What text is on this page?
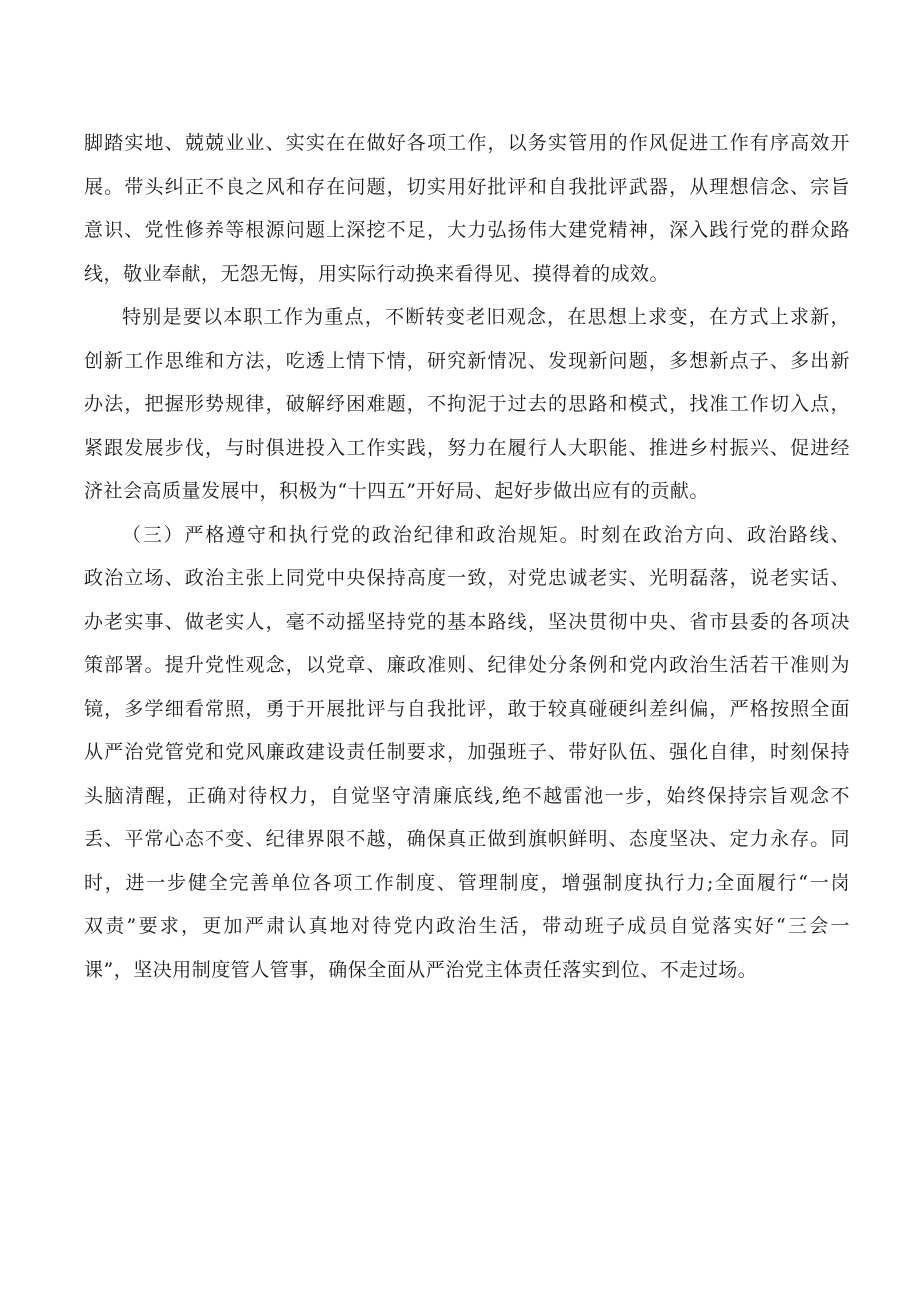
脚踏实地、兢兢业业、实实在在做好各项工作，以务实管用的作风促进工作有序高效开
展。带头纠正不良之风和存在问题，切实用好批评和自我批评武器，从理想信念、宗旨
意识、党性修养等根源问题上深挖不足，大力弘扬伟大建党精神，深入践行党的群众路
线，敬业奉献，无怨无悔，用实际行动换来看得见、摸得着的成效。
特别是要以本职工作为重点，不断转变老旧观念，在思想上求变，在方式上求新，
创新工作思维和方法，吃透上情下情，研究新情况、发现新问题，多想新点子、多出新
办法，把握形势规律，破解纾困难题，不拘泥于过去的思路和模式，找准工作切入点，
紧跟发展步伐，与时俱进投入工作实践，努力在履行人大职能、推进乡村振兴、促进经
济社会高质量发展中，积极为“十四五”开好局、起好步做出应有的贡献。
（三）严格遵守和执行党的政治纪律和政治规矩。时刻在政治方向、政治路线、
政治立场、政治主张上同党中央保持高度一致，对党忠诚老实、光明磊落，说老实话、
办老实事、做老实人，毫不动摇坚持党的基本路线，坚决贯彻中央、省市县委的各项决
策部署。提升党性观念，以党章、廉政准则、纪律处分条例和党内政治生活若干准则为
镜，多学细看常照，勇于开展批评与自我批评，敢于较真碰硬纠差纠偏，严格按照全面
从严治党管党和党风廉政建设责任制要求，加强班子、带好队伍、强化自律，时刻保持
头脑清醒，正确对待权力，自觉坚守清廉底线,绝不越雷池一步，始终保持宗旨观念不
丢、平常心态不变、纪律界限不越，确保真正做到旗帜鲜明、态度坚决、定力永存。同
时，进一步健全完善单位各项工作制度、管理制度，增强制度执行力;全面履行“一岗
双责”要求，更加严肃认真地对待党内政治生活，带动班子成员自觉落实好“三会一
课”，坚决用制度管人管事，确保全面从严治党主体责任落实到位、不走过场。
